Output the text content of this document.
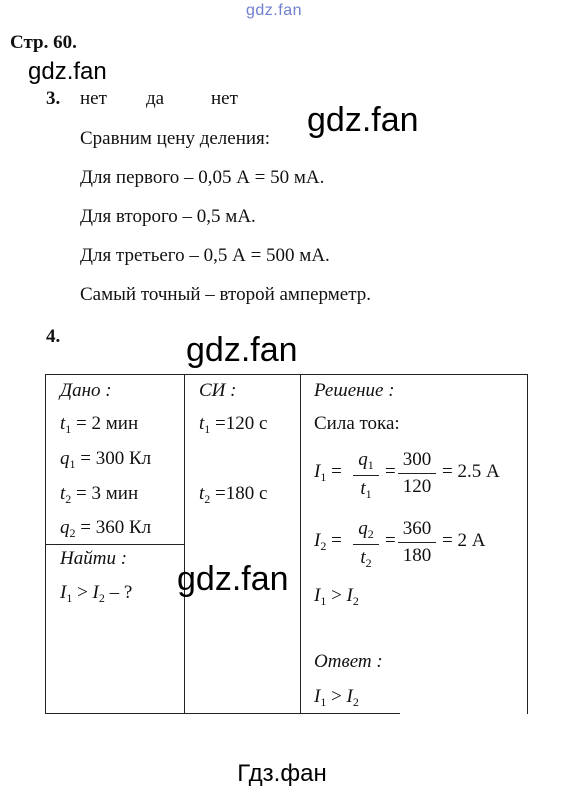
gdz.fan
gdz.fan
Стр. 60.
3. нет да нет
Сравним цену деления:
Для первого – 0,05 А = 50 мА.
Для второго – 0,5 мА.
Для третьего – 0,5 А = 500 мА.
Самый точный – второй амперметр.
gdz.fan
4.	gdz.fan
Дано :
$t_1 = 2$ мин
$q_1 = 300$ Кл
$t_2 = 3$ мин
$q_2 = 360$ Кл
Найти :
$I_1 > I_2$ – ?
СИ :
$t_1 =120$ с
$t_2 =180$ с
Решение :
Сила тока:
$I_1$ =
$q_1$
$t_1$
=
300
120
= 2.5 А
$I_2$ =
$q_2$
$t_2$
=
360
180
= 2 А
$I_1 > I_2$
Ответ :
$I_1 > I_2$
gdz.fan
Гдз.фан
